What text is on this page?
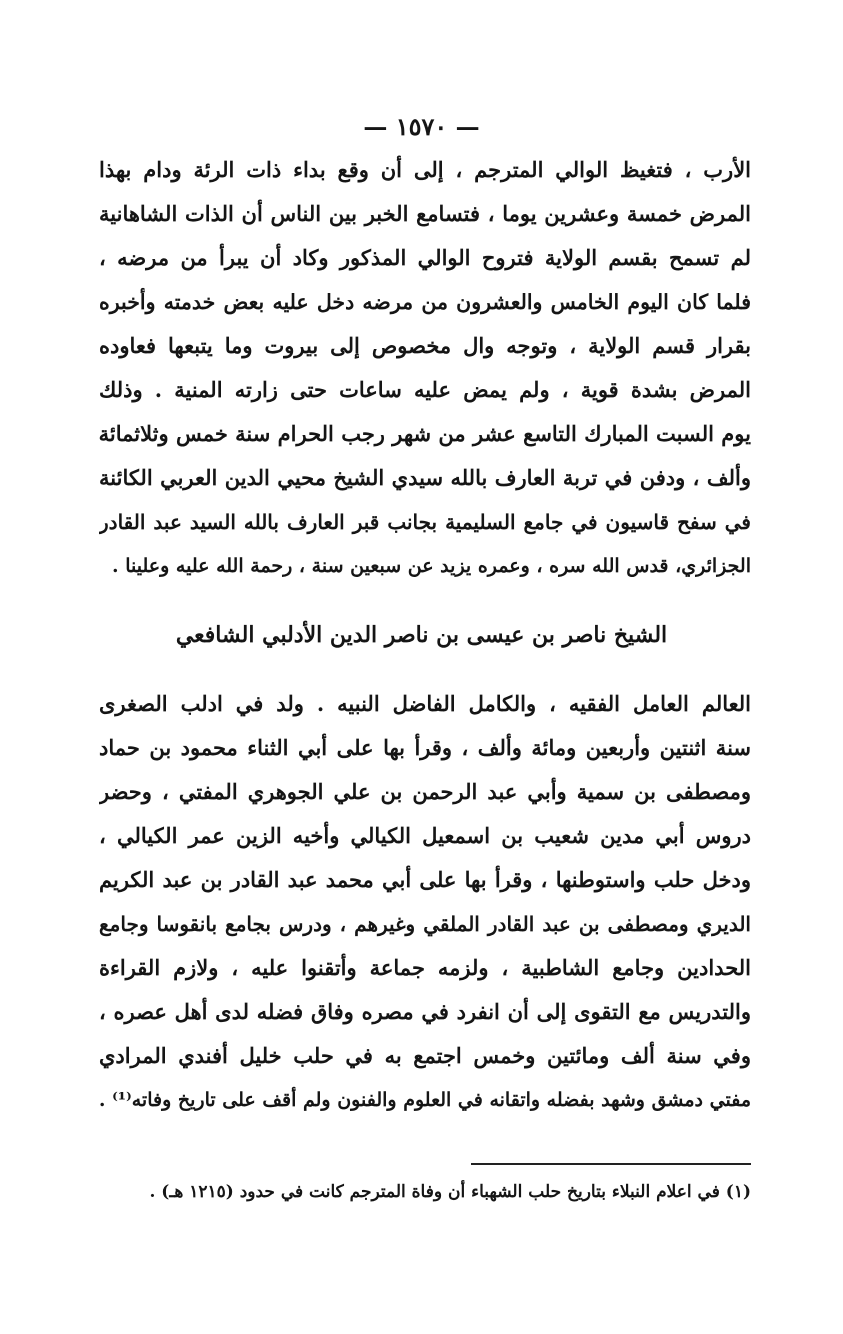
— ١٥٧٠ —
الأرب ، فتغيظ الوالي المترجم ، إلى أن وقع بداء ذات الرئة ودام بهذا
المرض خمسة وعشرين يوما ، فتسامع الخبر بين الناس أن الذات الشاهانية
لم تسمح بقسم الولاية فتروح الوالي المذكور وكاد أن يبرأ من مرضه ،
فلما كان اليوم الخامس والعشرون من مرضه دخل عليه بعض خدمته وأخبره
بقرار قسم الولاية ، وتوجه وال مخصوص إلى بيروت وما يتبعها فعاوده
المرض بشدة قوية ، ولم يمض عليه ساعات حتى زارته المنية . وذلك
يوم السبت المبارك التاسع عشر من شهر رجب الحرام سنة خمس وثلاثمائة
وألف ، ودفن في تربة العارف بالله سيدي الشيخ محيي الدين العربي الكائنة
في سفح قاسيون في جامع السليمية بجانب قبر العارف بالله السيد عبد القادر
الجزائري، قدس الله سره ، وعمره يزيد عن سبعين سنة ، رحمة الله عليه وعلينا .
الشيخ ناصر بن عيسى بن ناصر الدين الأدلبي الشافعي
العالم العامل الفقيه ، والكامل الفاضل النبيه . ولد في ادلب الصغرى
سنة اثنتين وأربعين ومائة وألف ، وقرأ بها على أبي الثناء محمود بن حماد
ومصطفى بن سمية وأبي عبد الرحمن بن علي الجوهري المفتي ، وحضر
دروس أبي مدين شعيب بن اسمعيل الكيالي وأخيه الزين عمر الكيالي ،
ودخل حلب واستوطنها ، وقرأ بها على أبي محمد عبد القادر بن عبد الكريم
الديري ومصطفى بن عبد القادر الملقي وغيرهم ، ودرس بجامع بانقوسا وجامع
الحدادين وجامع الشاطبية ، ولزمه جماعة وأتقنوا عليه ، ولازم القراءة
والتدريس مع التقوى إلى أن انفرد في مصره وفاق فضله لدى أهل عصره ،
وفي سنة ألف ومائتين وخمس اجتمع به في حلب خليل أفندي المرادي
مفتي دمشق وشهد بفضله واتقانه في العلوم والفنون ولم أقف على تاريخ وفاته⁽¹⁾ .
(١) في اعلام النبلاء بتاريخ حلب الشهباء أن وفاة المترجم كانت في حدود (١٢١٥ هـ) .
